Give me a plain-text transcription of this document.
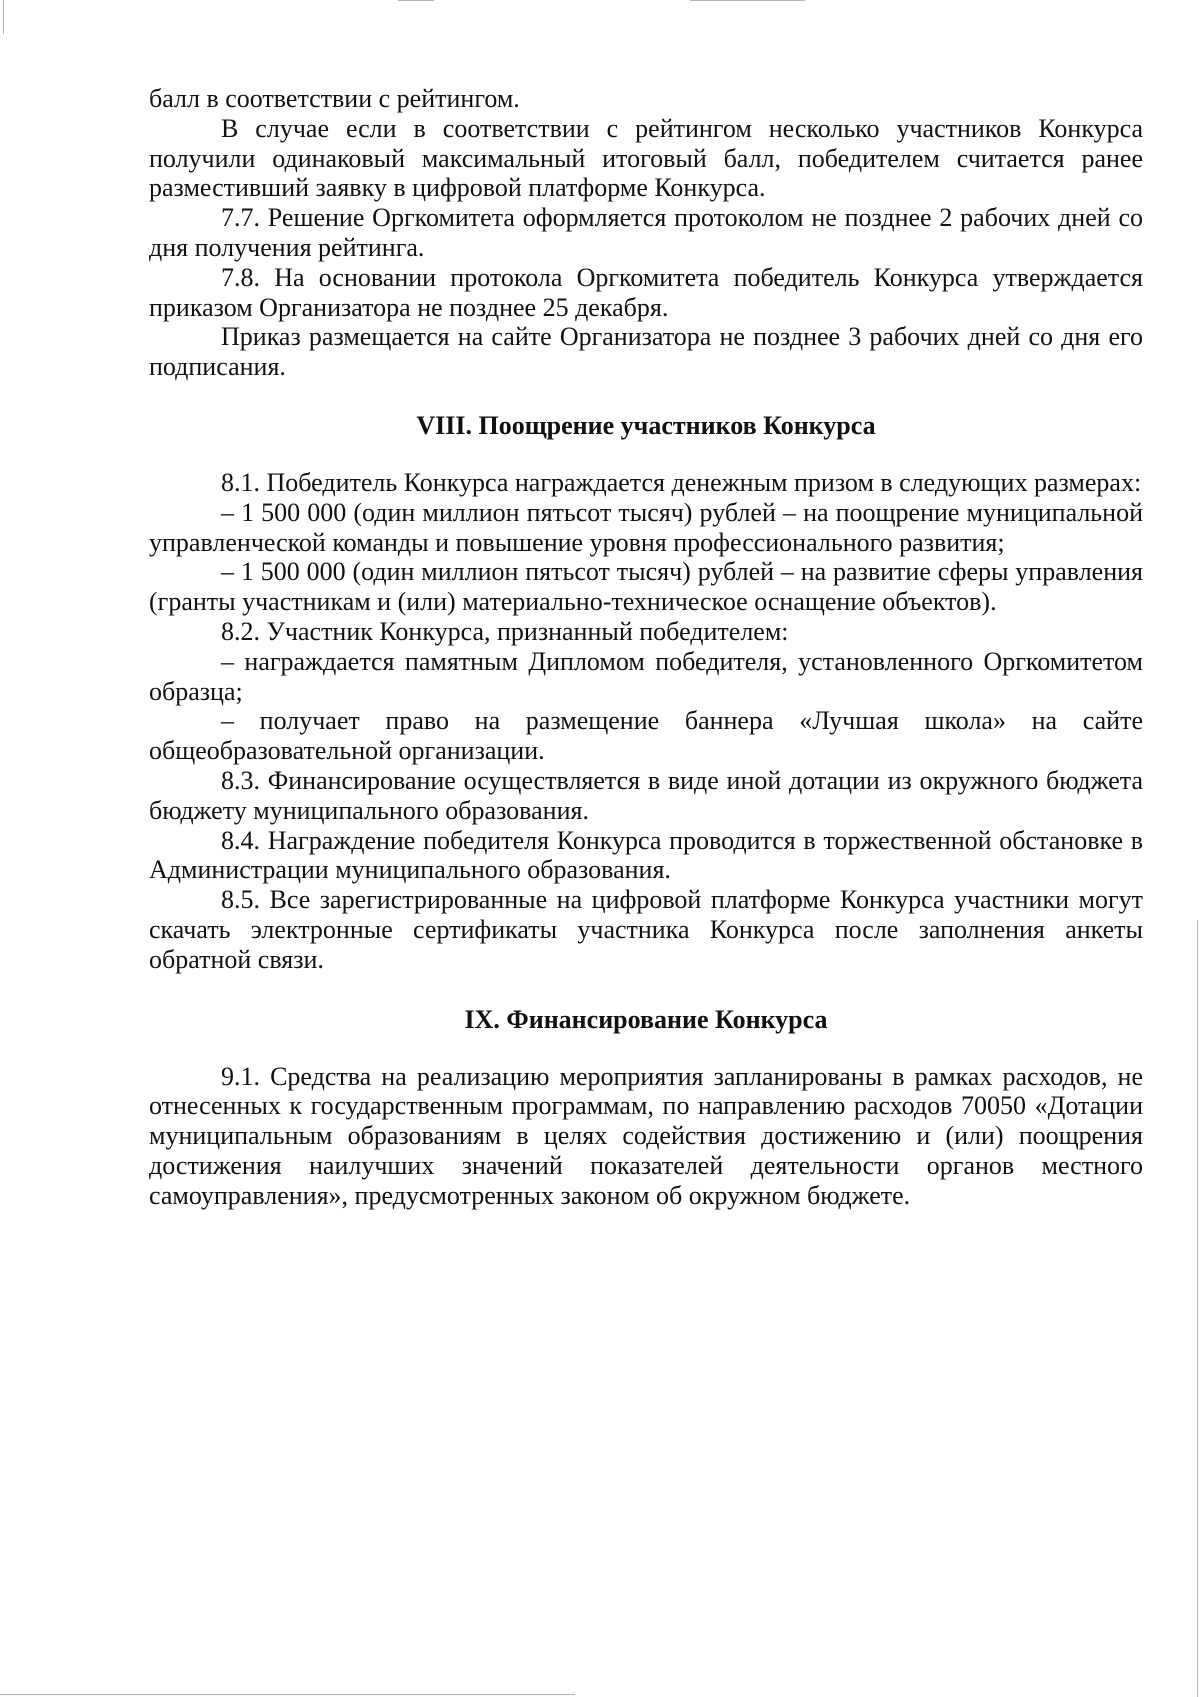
балл в соответствии с рейтингом.

В случае если в соответствии с рейтингом несколько участников Конкурса получили одинаковый максимальный итоговый балл, победителем считается ранее разместивший заявку в цифровой платформе Конкурса.

7.7. Решение Оргкомитета оформляется протоколом не позднее 2 рабочих дней со дня получения рейтинга.

7.8. На основании протокола Оргкомитета победитель Конкурса утверждается приказом Организатора не позднее 25 декабря.

Приказ размещается на сайте Организатора не позднее 3 рабочих дней со дня его подписания.

VIII. Поощрение участников Конкурса

8.1. Победитель Конкурса награждается денежным призом в следующих размерах:

– 1 500 000 (один миллион пятьсот тысяч) рублей – на поощрение муниципальной управленческой команды и повышение уровня профессионального развития;

– 1 500 000 (один миллион пятьсот тысяч) рублей – на развитие сферы управления (гранты участникам и (или) материально-техническое оснащение объектов).

8.2. Участник Конкурса, признанный победителем:

– награждается памятным Дипломом победителя, установленного Оргкомитетом образца;

– получает право на размещение баннера «Лучшая школа» на сайте общеобразовательной организации.

8.3. Финансирование осуществляется в виде иной дотации из окружного бюджета бюджету муниципального образования.

8.4. Награждение победителя Конкурса проводится в торжественной обстановке в Администрации муниципального образования.

8.5. Все зарегистрированные на цифровой платформе Конкурса участники могут скачать электронные сертификаты участника Конкурса после заполнения анкеты обратной связи.

IX. Финансирование Конкурса

9.1. Средства на реализацию мероприятия запланированы в рамках расходов, не отнесенных к государственным программам, по направлению расходов 70050 «Дотации муниципальным образованиям в целях содействия достижению и (или) поощрения достижения наилучших значений показателей деятельности органов местного самоуправления», предусмотренных законом об окружном бюджете.
